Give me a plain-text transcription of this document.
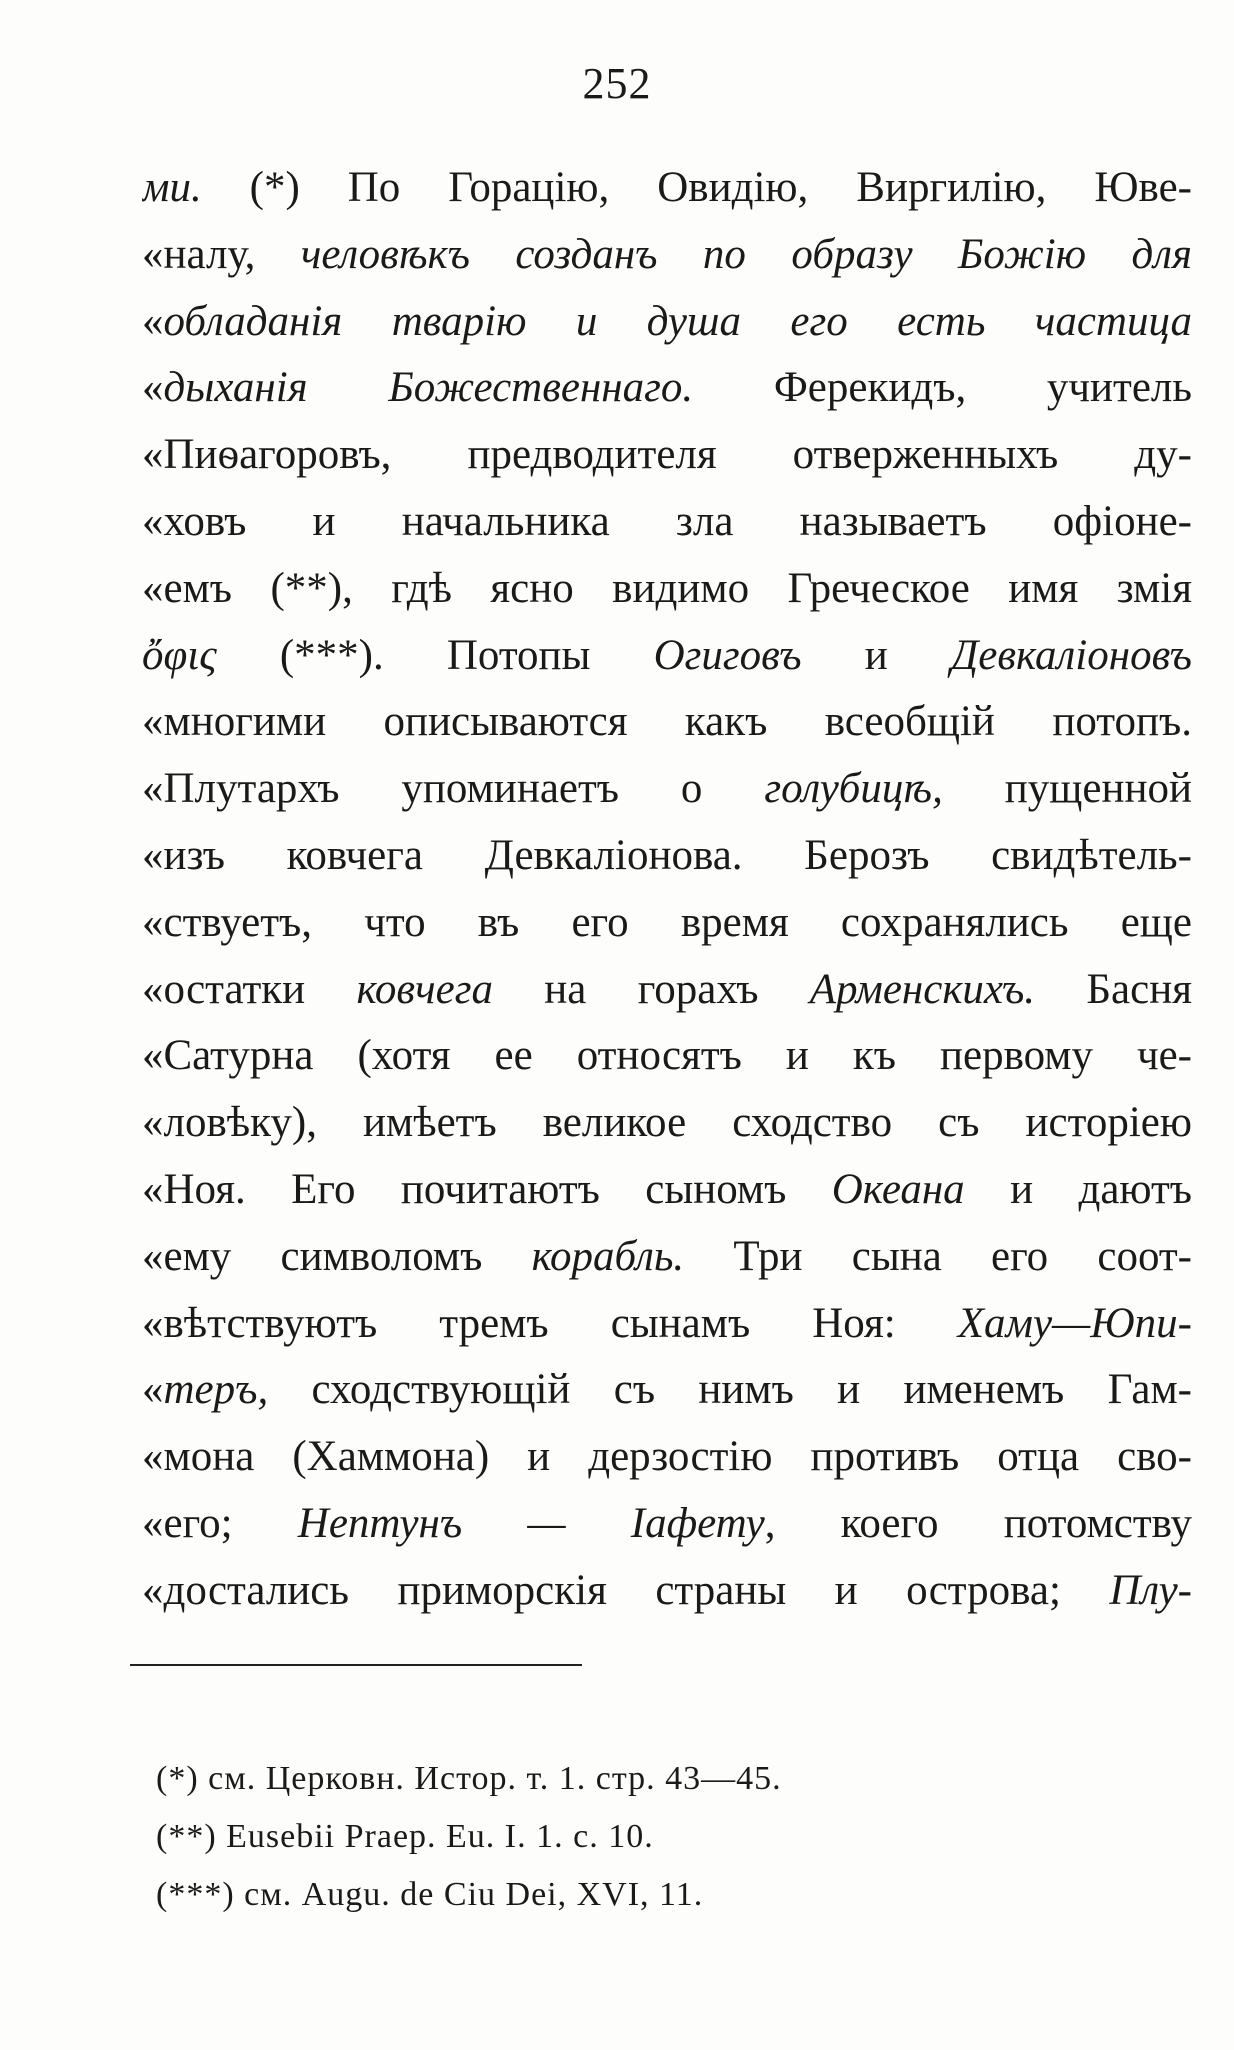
252
ми. (*) По Горацію, Овидію, Виргилію, Юве-
«налу, человѣкъ созданъ по образу Божію для
«обладанія тварію и душа его есть частица
«дыханія Божественнаго. Ферекидъ, учитель
«Пиѳагоровъ, предводителя отверженныхъ ду-
«ховъ и начальника зла называетъ офіоне-
«емъ (**), гдѣ ясно видимо Греческое имя змія
ὄφις (***). Потопы Огиговъ и Девкаліоновъ
«многими описываются какъ всеобщій потопъ.
«Плутархъ упоминаетъ о голубицѣ, пущенной
«изъ ковчега Девкаліонова. Берозъ свидѣтель-
«ствуетъ, что въ его время сохранялись еще
«остатки ковчега на горахъ Арменскихъ. Басня
«Сатурна (хотя ее относятъ и къ первому че-
«ловѣку), имѣетъ великое сходство съ исторіею
«Ноя. Его почитаютъ сыномъ Океана и даютъ
«ему символомъ корабль. Три сына его соот-
«вѣтствуютъ тремъ сынамъ Ноя: Хаму—Юпи-
«теръ, сходствующій съ нимъ и именемъ Гам-
«мона (Хаммона) и дерзостію противъ отца сво-
«его; Нептунъ — Іафету, коего потомству
«достались приморскія страны и острова; Плу-
(*) см. Церковн. Истор. т. 1. стр. 43—45.
(**) Eusebii Praep. Eu. I. 1. c. 10.
(***) см. Augu. de Ciu Dei, XVI, 11.
